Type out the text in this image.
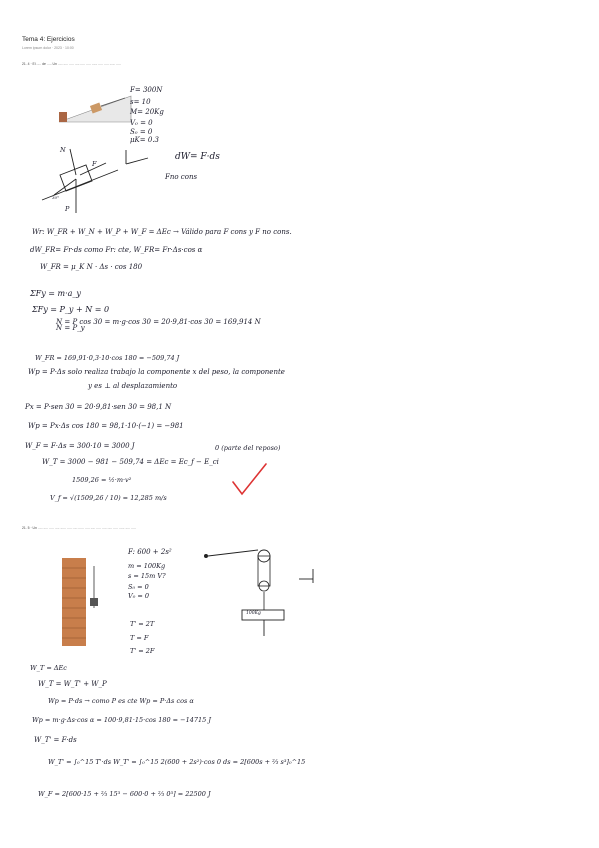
Tema 4: Ejercicios
Lorem ipsum dolor · 2023 · 10:00
21. 4 · El ..... de ..... Un ..... ..... ..... ..... ..... ..... ...... ..... ..... ...... .....
F= 300N
s= 10
M= 20Kg
V₀ = 0
S₀ = 0
μK= 0.3
N
F
P
30°
dW= F·ds
Fno cons
Wr: W_FR + W_N + W_P + W_F = ΔEc → Válido para F cons y F no cons.
dW_FR= Fr·ds como Fr: cte, W_FR= Fr·Δs·cos α
W_FR = μ_K N · Δs · cos 180
ΣFy = m·a_y
ΣFy = P_y + N = 0
N = P_y
N = P cos 30 = m·g·cos 30 = 20·9,81·cos 30 = 169,914 N
W_FR = 169,91·0,3·10·cos 180 = −509,74 J
Wp = P·Δs solo realiza trabajo la componente x del peso, la componente
y es ⊥ al desplazamiento
Px = P·sen 30 = 20·9,81·sen 30 = 98,1 N
Wp = Px·Δs cos 180 = 98,1·10·(−1) = −981
W_F = F·Δs = 300·10 = 3000 J
W_T = 3000 − 981 − 509,74 = ΔEc = Ec_f − E_ci
1509,26 = ½·m·v²
V_f = √(1509,26 / 10) = 12,285 m/s
0 (parte del reposo)
21. 5 · Un ..... ..... ..... ..... ...... ..... ..... ...... ..... ..... ..... ..... ..... ..... ...... ..... .....
F: 600 + 2s²
m = 100Kg
s = 15m V?
S₀ = 0
V₀ = 0
100Kg
T' = 2T
T = F
T' = 2F
W_T = ΔEc
W_T = W_T' + W_P
Wp = P·ds → como P es cte Wp = P·Δs cos α
Wp = m·g·Δs·cos α = 100·9,81·15·cos 180 = −14715 J
W_T' = F·ds
W_T' = ∫₀^15 T'·ds W_T' = ∫₀^15 2(600 + 2s²)·cos 0 ds = 2[600s + ⅔ s³]₀^15
W_F = 2[600·15 + ⅔ 15³ − 600·0 + ⅔ 0³] = 22500 J
